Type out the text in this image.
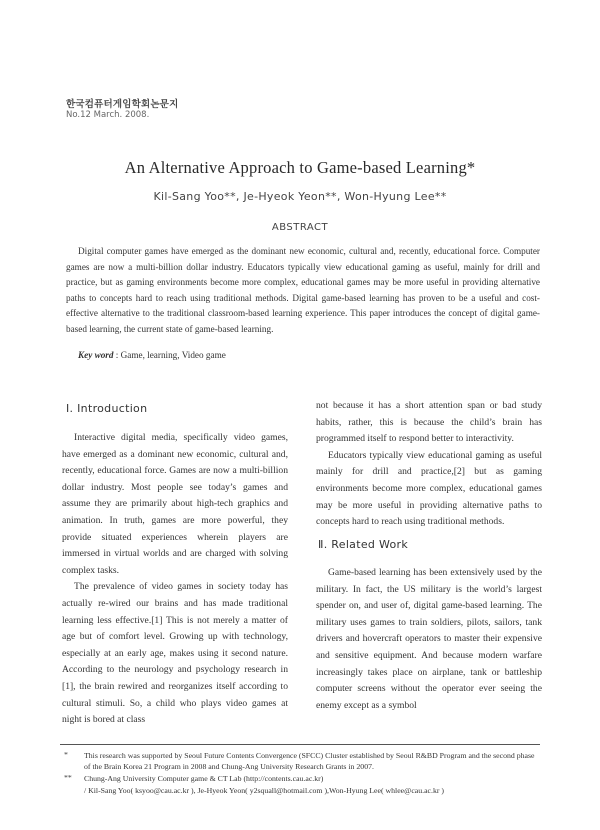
한국컴퓨터게임학회논문지
No.12 March. 2008.
An Alternative Approach to Game-based Learning*
Kil-Sang Yoo**, Je-Hyeok Yeon**, Won-Hyung Lee**
ABSTRACT

Digital computer games have emerged as the dominant new economic, cultural and, recently, educational force. Computer games are now a multi-billion dollar industry. Educators typically view educational gaming as useful, mainly for drill and practice, but as gaming environments become more complex, educational games may be more useful in providing alternative paths to concepts hard to reach using traditional methods. Digital game-based learning has proven to be a useful and cost-effective alternative to the traditional classroom-based learning experience. This paper introduces the concept of digital game-based learning, the current state of game-based learning.

Key word : Game, learning, Video game
Ⅰ. Introduction

Interactive digital media, specifically video games, have emerged as a dominant new economic, cultural and, recently, educational force. Games are now a multi-billion dollar industry. Most people see today’s games and assume they are primarily about high-tech graphics and animation. In truth, games are more powerful, they provide situated experiences wherein players are immersed in virtual worlds and are charged with solving complex tasks.

The prevalence of video games in society today has actually re-wired our brains and has made traditional learning less effective.[1] This is not merely a matter of age but of comfort level. Growing up with technology, especially at an early age, makes using it second nature. According to the neurology and psychology research in [1], the brain rewired and reorganizes itself according to cultural stimuli. So, a child who plays video games at night is bored at class

not because it has a short attention span or bad study habits, rather, this is because the child’s brain has programmed itself to respond better to interactivity.

Educators typically view educational gaming as useful mainly for drill and practice,[2] but as gaming environments become more complex, educational games may be more useful in providing alternative paths to concepts hard to reach using traditional methods.

Ⅱ. Related Work

Game-based learning has been extensively used by the military. In fact, the US military is the world’s largest spender on, and user of, digital game-based learning. The military uses games to train soldiers, pilots, sailors, tank drivers and hovercraft operators to master their expensive and sensitive equipment. And because modern warfare increasingly takes place on airplane, tank or battleship computer screens without the operator ever seeing the enemy except as a symbol

* This research was supported by Seoul Future Contents Convergence (SFCC) Cluster established by Seoul R&BD Program and the second phase of the Brain Korea 21 Program in 2008 and Chung-Ang University Research Grants in 2007.
** Chung-Ang University Computer game & CT Lab (http://contents.cau.ac.kr)
/ Kil-Sang Yoo( ksyoo@cau.ac.kr ), Je-Hyeok Yeon( y2squall@hotmail.com ),Won-Hyung Lee( whlee@cau.ac.kr )
